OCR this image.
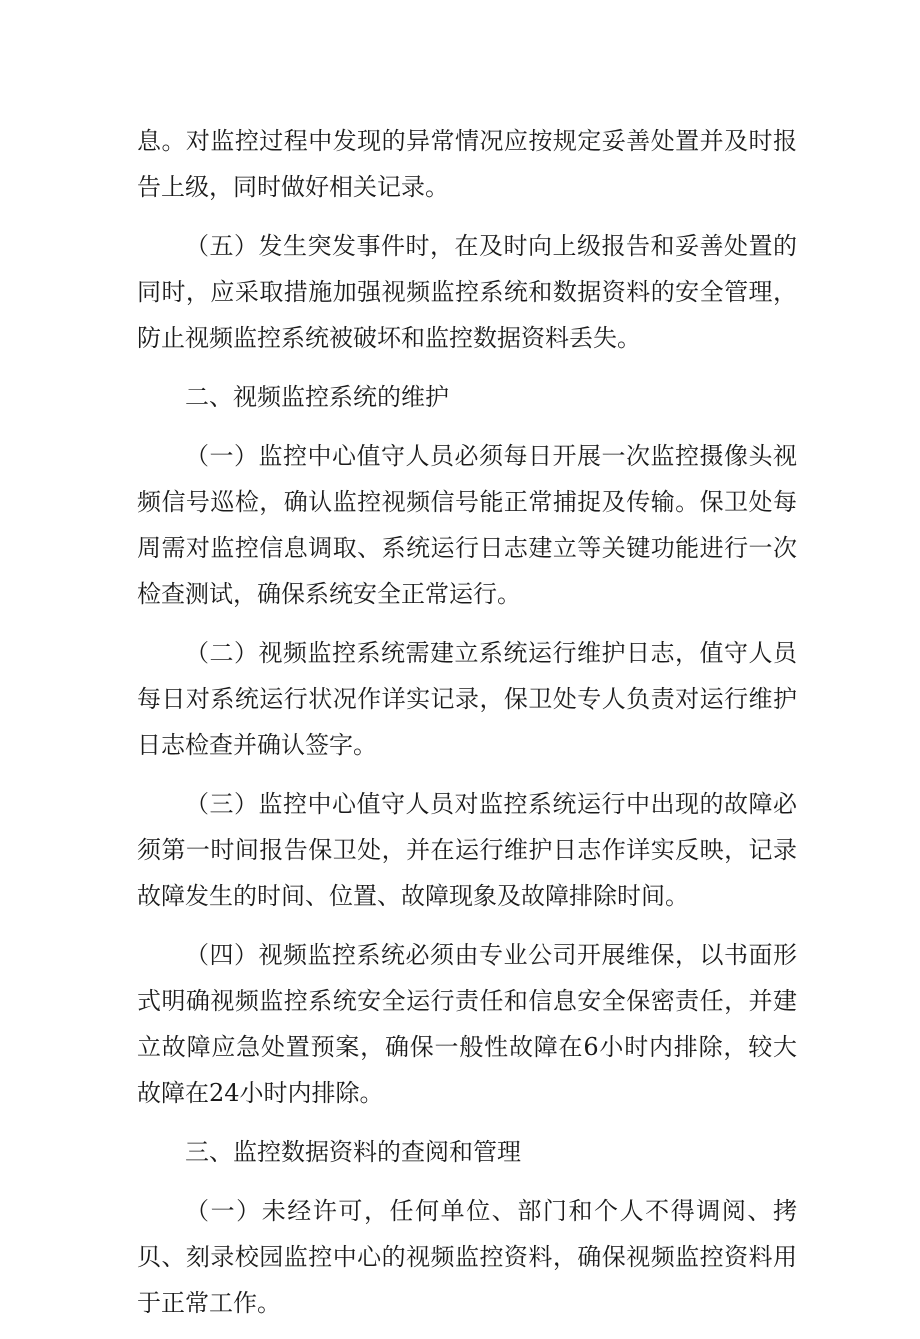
息。对监控过程中发现的异常情况应按规定妥善处置并及时报告上级，同时做好相关记录。

（五）发生突发事件时，在及时向上级报告和妥善处置的同时，应采取措施加强视频监控系统和数据资料的安全管理，防止视频监控系统被破坏和监控数据资料丢失。

二、视频监控系统的维护

（一）监控中心值守人员必须每日开展一次监控摄像头视频信号巡检，确认监控视频信号能正常捕捉及传输。保卫处每周需对监控信息调取、系统运行日志建立等关键功能进行一次检查测试，确保系统安全正常运行。

（二）视频监控系统需建立系统运行维护日志，值守人员每日对系统运行状况作详实记录，保卫处专人负责对运行维护日志检查并确认签字。

（三）监控中心值守人员对监控系统运行中出现的故障必须第一时间报告保卫处，并在运行维护日志作详实反映，记录故障发生的时间、位置、故障现象及故障排除时间。

（四）视频监控系统必须由专业公司开展维保，以书面形式明确视频监控系统安全运行责任和信息安全保密责任，并建立故障应急处置预案，确保一般性故障在6小时内排除，较大故障在24小时内排除。

三、监控数据资料的查阅和管理

（一）未经许可，任何单位、部门和个人不得调阅、拷贝、刻录校园监控中心的视频监控资料，确保视频监控资料用于正常工作。
